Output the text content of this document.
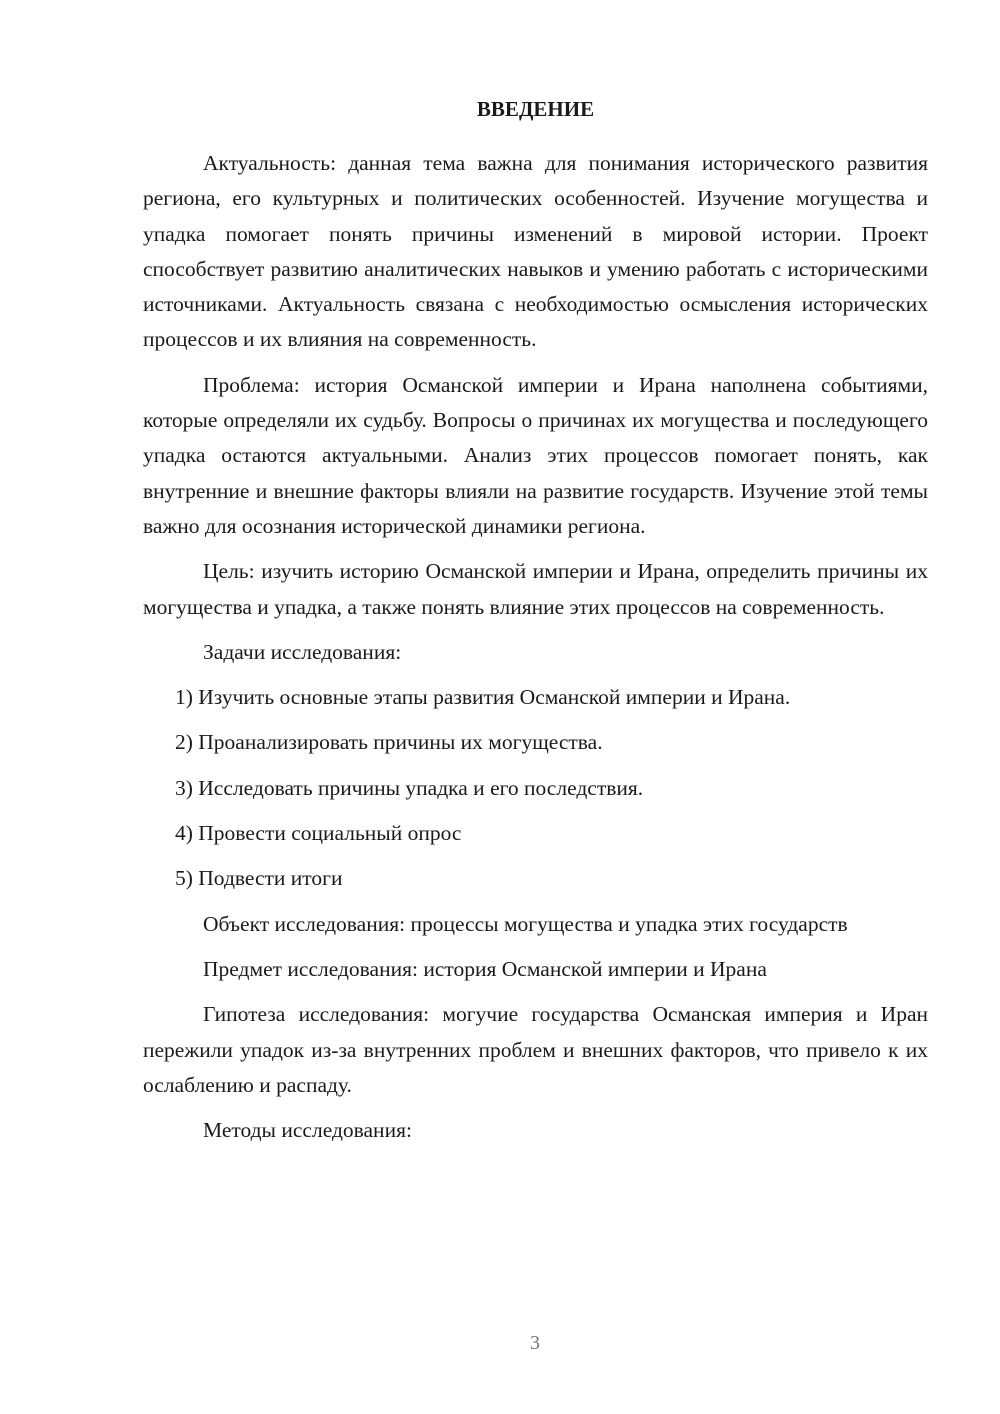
ВВЕДЕНИЕ

Актуальность: данная тема важна для понимания исторического развития региона, его культурных и политических особенностей. Изучение могущества и упадка помогает понять причины изменений в мировой истории. Проект способствует развитию аналитических навыков и умению работать с историческими источниками. Актуальность связана с необходимостью осмысления исторических процессов и их влияния на современность.

Проблема: история Османской империи и Ирана наполнена событиями, которые определяли их судьбу. Вопросы о причинах их могущества и последующего упадка остаются актуальными. Анализ этих процессов помогает понять, как внутренние и внешние факторы влияли на развитие государств. Изучение этой темы важно для осознания исторической динамики региона.

Цель: изучить историю Османской империи и Ирана, определить причины их могущества и упадка, а также понять влияние этих процессов на современность.

Задачи исследования:

1) Изучить основные этапы развития Османской империи и Ирана.
2) Проанализировать причины их могущества.
3) Исследовать причины упадка и его последствия.
4) Провести социальный опрос
5) Подвести итоги

Объект исследования: процессы могущества и упадка этих государств

Предмет исследования: история Османской империи и Ирана

Гипотеза исследования: могучие государства Османская империя и Иран пережили упадок из-за внутренних проблем и внешних факторов, что привело к их ослаблению и распаду.

Методы исследования:

3
